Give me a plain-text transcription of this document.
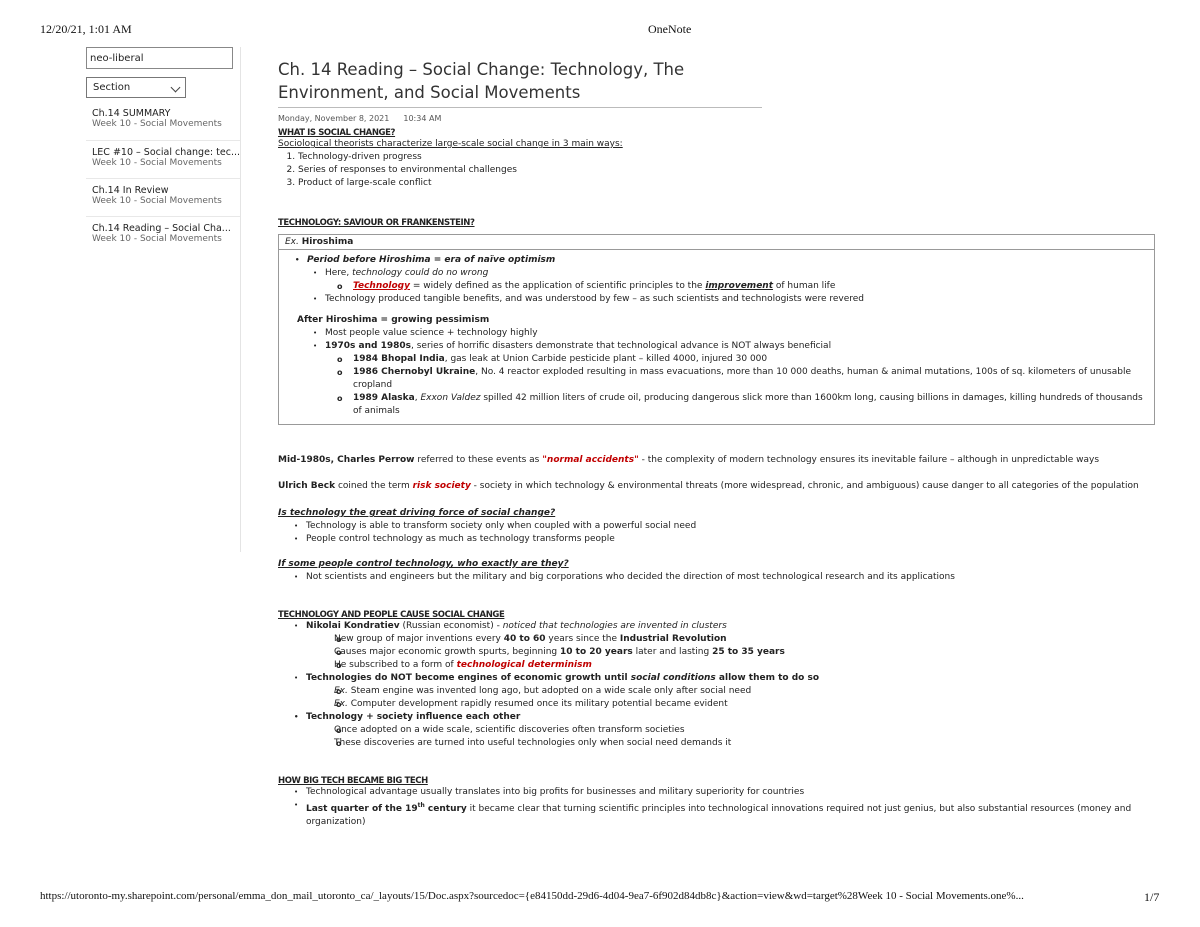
12/20/21, 1:01 AM	OneNote
neo-liberal
Section
Ch.14 SUMMARY
Week 10 - Social Movements
LEC #10 – Social change: tec...
Week 10 - Social Movements
Ch.14 In Review
Week 10 - Social Movements
Ch.14 Reading – Social Cha...
Week 10 - Social Movements
Ch. 14 Reading – Social Change: Technology, The Environment, and Social Movements
Monday, November 8, 2021 10:34 AM
WHAT IS SOCIAL CHANGE?
Sociological theorists characterize large-scale social change in 3 main ways:
1. Technology-driven progress
2. Series of responses to environmental challenges
3. Product of large-scale conflict
TECHNOLOGY: SAVIOUR OR FRANKENSTEIN?
Ex. Hiroshima
• Period before Hiroshima = era of naïve optimism
• Here, technology could do no wrong
o Technology = widely defined as the application of scientific principles to the improvement of human life
• Technology produced tangible benefits, and was understood by few – as such scientists and technologists were revered
After Hiroshima = growing pessimism
• Most people value science + technology highly
• 1970s and 1980s, series of horrific disasters demonstrate that technological advance is NOT always beneficial
o 1984 Bhopal India, gas leak at Union Carbide pesticide plant – killed 4000, injured 30 000
o 1986 Chernobyl Ukraine, No. 4 reactor exploded resulting in mass evacuations, more than 10 000 deaths, human & animal mutations, 100s of sq. kilometers of unusable cropland
o 1989 Alaska, Exxon Valdez spilled 42 million liters of crude oil, producing dangerous slick more than 1600km long, causing billions in damages, killing hundreds of thousands of animals
Mid-1980s, Charles Perrow referred to these events as "normal accidents" - the complexity of modern technology ensures its inevitable failure – although in unpredictable ways
Ulrich Beck coined the term risk society - society in which technology & environmental threats (more widespread, chronic, and ambiguous) cause danger to all categories of the population
Is technology the great driving force of social change?
• Technology is able to transform society only when coupled with a powerful social need
• People control technology as much as technology transforms people
If some people control technology, who exactly are they?
• Not scientists and engineers but the military and big corporations who decided the direction of most technological research and its applications
TECHNOLOGY AND PEOPLE CAUSE SOCIAL CHANGE
• Nikolai Kondratiev (Russian economist) - noticed that technologies are invented in clusters
o New group of major inventions every 40 to 60 years since the Industrial Revolution
o Causes major economic growth spurts, beginning 10 to 20 years later and lasting 25 to 35 years
o He subscribed to a form of technological determinism
• Technologies do NOT become engines of economic growth until social conditions allow them to do so
o Ex. Steam engine was invented long ago, but adopted on a wide scale only after social need
o Ex. Computer development rapidly resumed once its military potential became evident
• Technology + society influence each other
o Once adopted on a wide scale, scientific discoveries often transform societies
o These discoveries are turned into useful technologies only when social need demands it
HOW BIG TECH BECAME BIG TECH
• Technological advantage usually translates into big profits for businesses and military superiority for countries
• Last quarter of the 19th century it became clear that turning scientific principles into technological innovations required not just genius, but also substantial resources (money and organization)
https://utoronto-my.sharepoint.com/personal/emma_don_mail_utoronto_ca/_layouts/15/Doc.aspx?sourcedoc={e84150dd-29d6-4d04-9ea7-6f902d84db8c}&action=view&wd=target%28Week 10 - Social Movements.one%...	1/7
